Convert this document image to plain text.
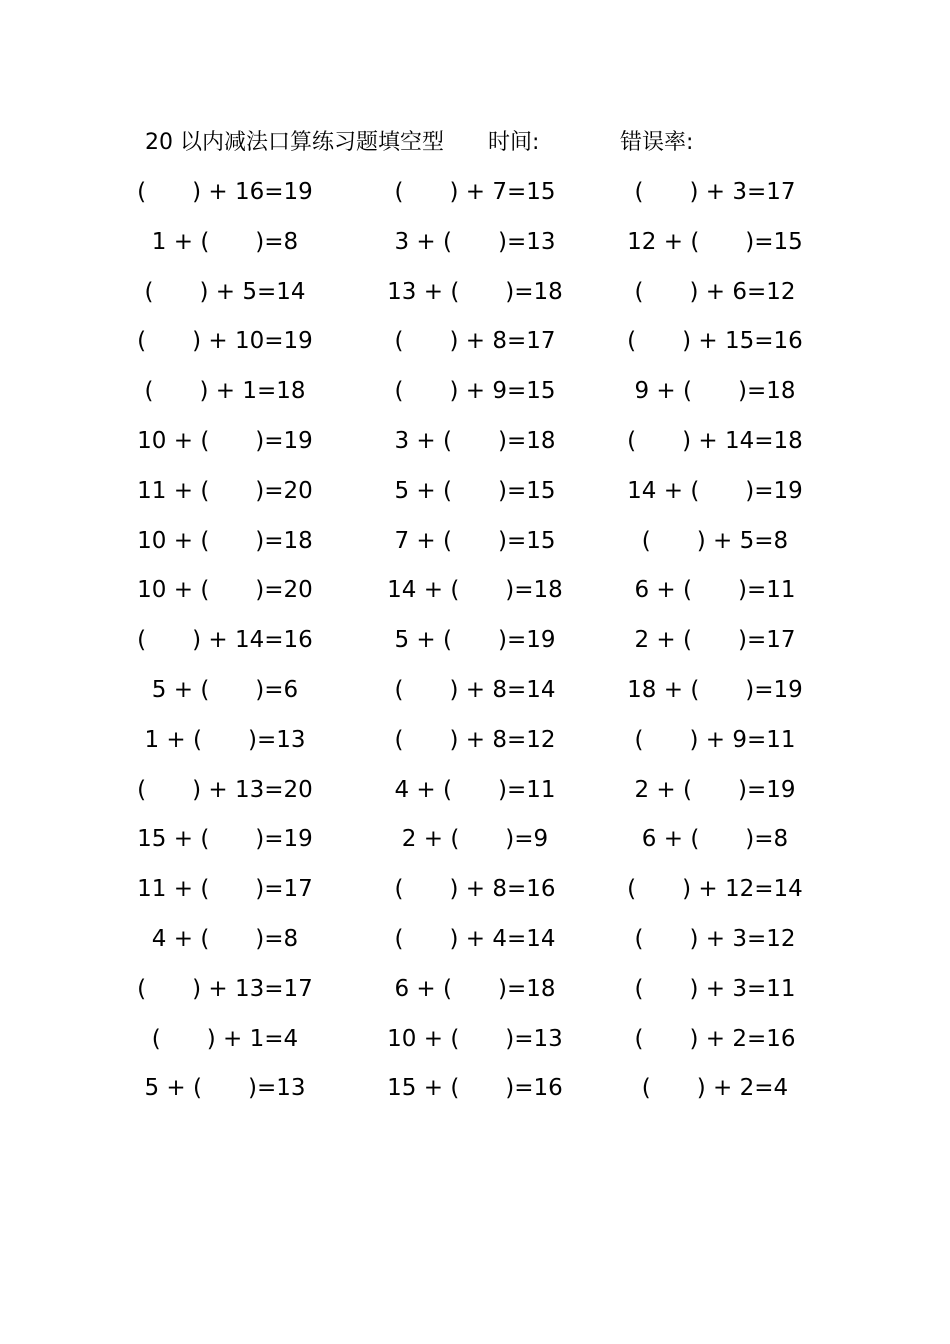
20 以内减法口算练习题填空型 时间:	错误率:
(　　) + 16=19	(　　) + 7=15	(　　) + 3=17
1 + (　　)=8	3 + (　　)=13	12 + (　　)=15
(　　) + 5=14	13 + (　　)=18	(　　) + 6=12
(　　) + 10=19	(　　) + 8=17	(　　) + 15=16
(　　) + 1=18	(　　) + 9=15	9 + (　　)=18
10 + (　　)=19	3 + (　　)=18	(　　) + 14=18
11 + (　　)=20	5 + (　　)=15	14 + (　　)=19
10 + (　　)=18	7 + (　　)=15	(　　) + 5=8
10 + (　　)=20	14 + (　　)=18	6 + (　　)=11
(　　) + 14=16	5 + (　　)=19	2 + (　　)=17
5 + (　　)=6	(　　) + 8=14	18 + (　　)=19
1 + (　　)=13	(　　) + 8=12	(　　) + 9=11
(　　) + 13=20	4 + (　　)=11	2 + (　　)=19
15 + (　　)=19	2 + (　　)=9	6 + (　　)=8
11 + (　　)=17	(　　) + 8=16	(　　) + 12=14
4 + (　　)=8	(　　) + 4=14	(　　) + 3=12
(　　) + 13=17	6 + (　　)=18	(　　) + 3=11
(　　) + 1=4	10 + (　　)=13	(　　) + 2=16
5 + (　　)=13	15 + (　　)=16	(　　) + 2=4
